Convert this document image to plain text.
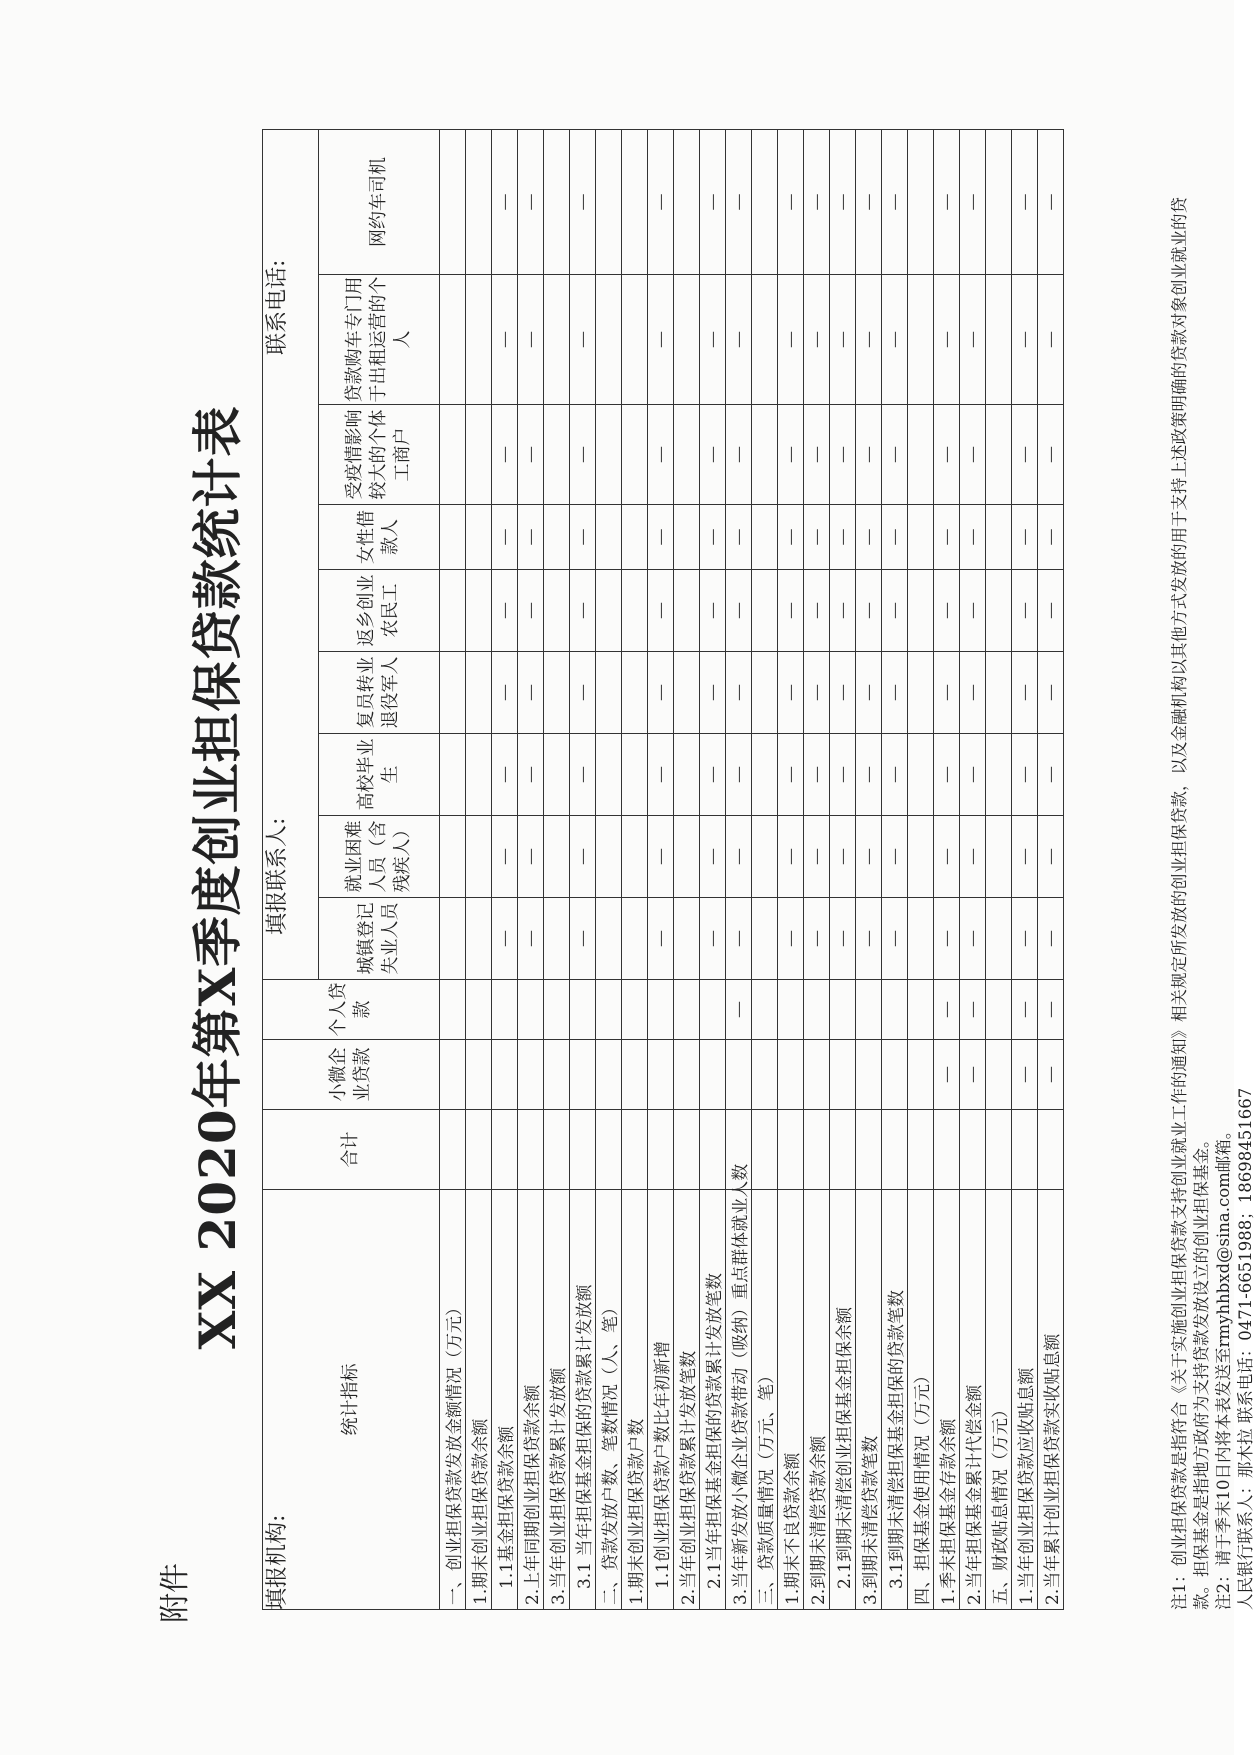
附件
XX 2020年第X季度创业担保贷款统计表
填报机构:
填报联系人:
联系电话:
统计指标	合计	小微企业贷款	个人贷款									
				城镇登记失业人员	就业困难人员（含残疾人）	高校毕业生	复员转业退役军人	返乡创业农民工	女性借款人	受疫情影响较大的个体工商户	贷款购车专门用于出租运营的个人	网约车司机
一、创业担保贷款发放金额情况（万元）												
1.期末创业担保贷款余额												
1.1基金担保贷款余额				—	—	—	—	—	—	—	—	—
2.上年同期创业担保贷款余额				—	—	—	—	—	—	—	—	—
3.当年创业担保贷款累计发放额												
3.1 当年担保基金担保的贷款累计发放额				—	—	—	—	—	—	—	—	—
二、贷款发放户数、笔数情况（人、笔）												
1.期末创业担保贷款户数												
1.1创业担保贷款户数比年初新增				—	—	—	—	—	—	—	—	—
2.当年创业担保贷款累计发放笔数												
2.1当年担保基金担保的贷款累计发放笔数				—	—	—	—	—	—	—	—	—
3.当年新发放小微企业贷款带动（吸纳）重点群体就业人数			—	—	—	—	—	—	—	—	—	—
三、贷款质量情况（万元、笔）												
1.期末不良贷款余额				—	—	—	—	—	—	—	—	—
2.到期未清偿贷款余额				—	—	—	—	—	—	—	—	—
2.1到期未清偿创业担保基金担保余额				—	—	—	—	—	—	—	—	—
3.到期未清偿贷款笔数				—	—	—	—	—	—	—	—	—
3.1到期未清偿担保基金担保的贷款笔数				—	—	—	—	—	—	—	—	—
四、担保基金使用情况（万元）												
1.季末担保基金存款余额		—	—	—	—	—	—	—	—	—	—	—
2.当年担保基金累计代偿金额		—	—	—	—	—	—	—	—	—	—	—
五、财政贴息情况（万元）												
1.当年创业担保贷款应收贴息额		—	—	—	—	—	—	—	—	—	—	—
2.当年累计创业担保贷款实收贴息额		—	—	—	—	—	—	—	—	—	—	—	注1：创业担保贷款是指符合《关于实施创业担保贷款支持创业就业工作的通知》相关规定所发放的创业担保贷款，以及金融机构以其他方式发放的用于支持上述政策明确的贷款对象创业就业的贷 款。担保基金是指地方政府为支持贷款发放设立的创业担保基金。 注2：请于季末10日内将本表发送至rmyhhbxd@sina.com邮箱。 人民银行联系人：那木拉 联系电话：0471-6651988；18698451667
